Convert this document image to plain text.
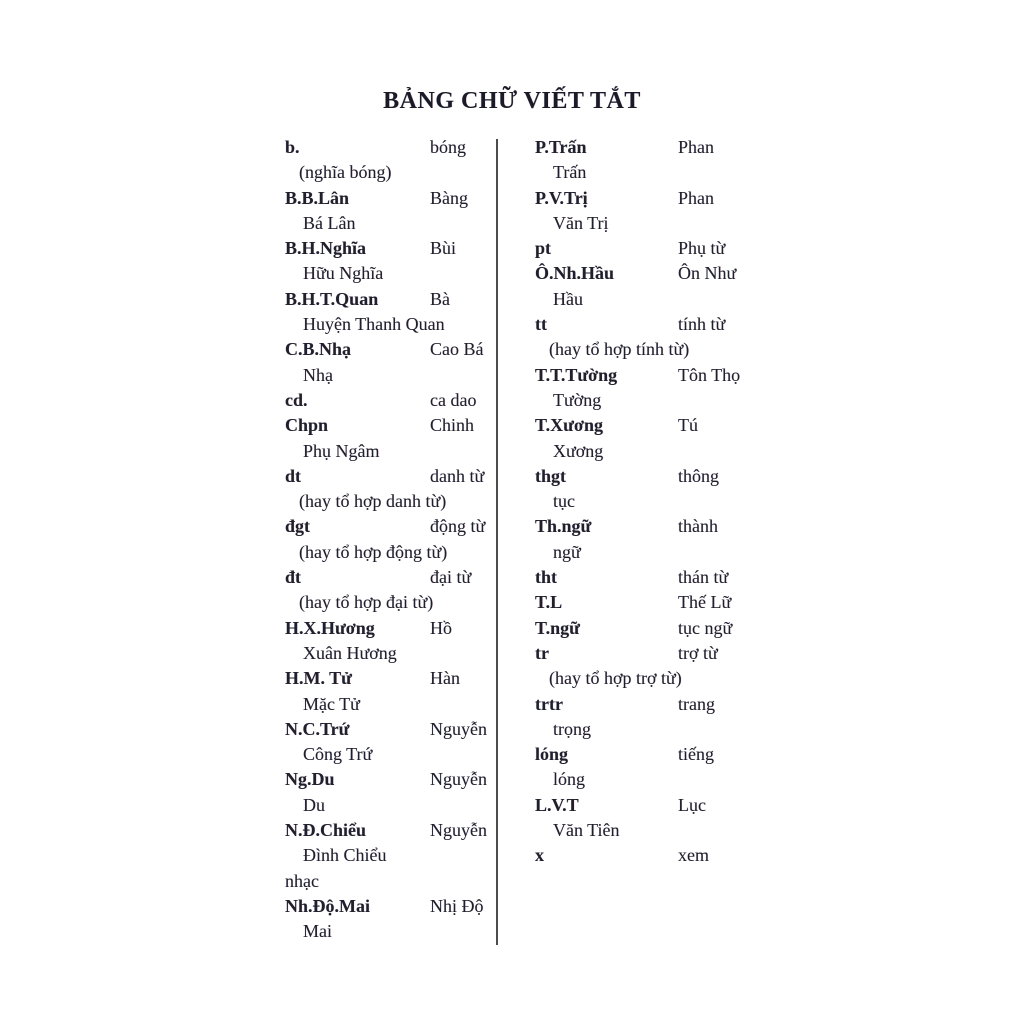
BẢNG CHỮ VIẾT TẮT
b.	bóng
(nghĩa bóng)
B.B.Lân	Bàng
Bá Lân
B.H.Nghĩa	Bùi
Hữu Nghĩa
B.H.T.Quan	Bà
Huyện Thanh Quan
C.B.Nhạ	Cao Bá
Nhạ
cd.	ca dao
Chpn	Chinh
Phụ Ngâm
dt	danh từ
(hay tổ hợp danh từ)
đgt	động từ
(hay tổ hợp động từ)
đt	đại từ
(hay tổ hợp đại từ)
H.X.Hương	Hồ
Xuân Hương
H.M. Tử	Hàn
Mặc Tử
N.C.Trứ	Nguyễn
Công Trứ
Ng.Du	Nguyễn
Du
N.Đ.Chiểu	Nguyễn
Đình Chiểu
nhạc
Nh.Độ.Mai	Nhị Độ
Mai
P.Trấn	Phan
Trấn
P.V.Trị	Phan
Văn Trị
pt	Phụ từ
Ô.Nh.Hầu	Ôn Như
Hầu
tt	tính từ
(hay tổ hợp tính từ)
T.T.Tường	Tôn Thọ
Tường
T.Xương	Tú
Xương
thgt	thông
tục
Th.ngữ	thành
ngữ
tht	thán từ
T.L	Thế Lữ
T.ngữ	tục ngữ
tr	trợ từ
(hay tổ hợp trợ từ)
trtr	trang
trọng
lóng	tiếng
lóng
L.V.T	Lục
Văn Tiên
x	xem
